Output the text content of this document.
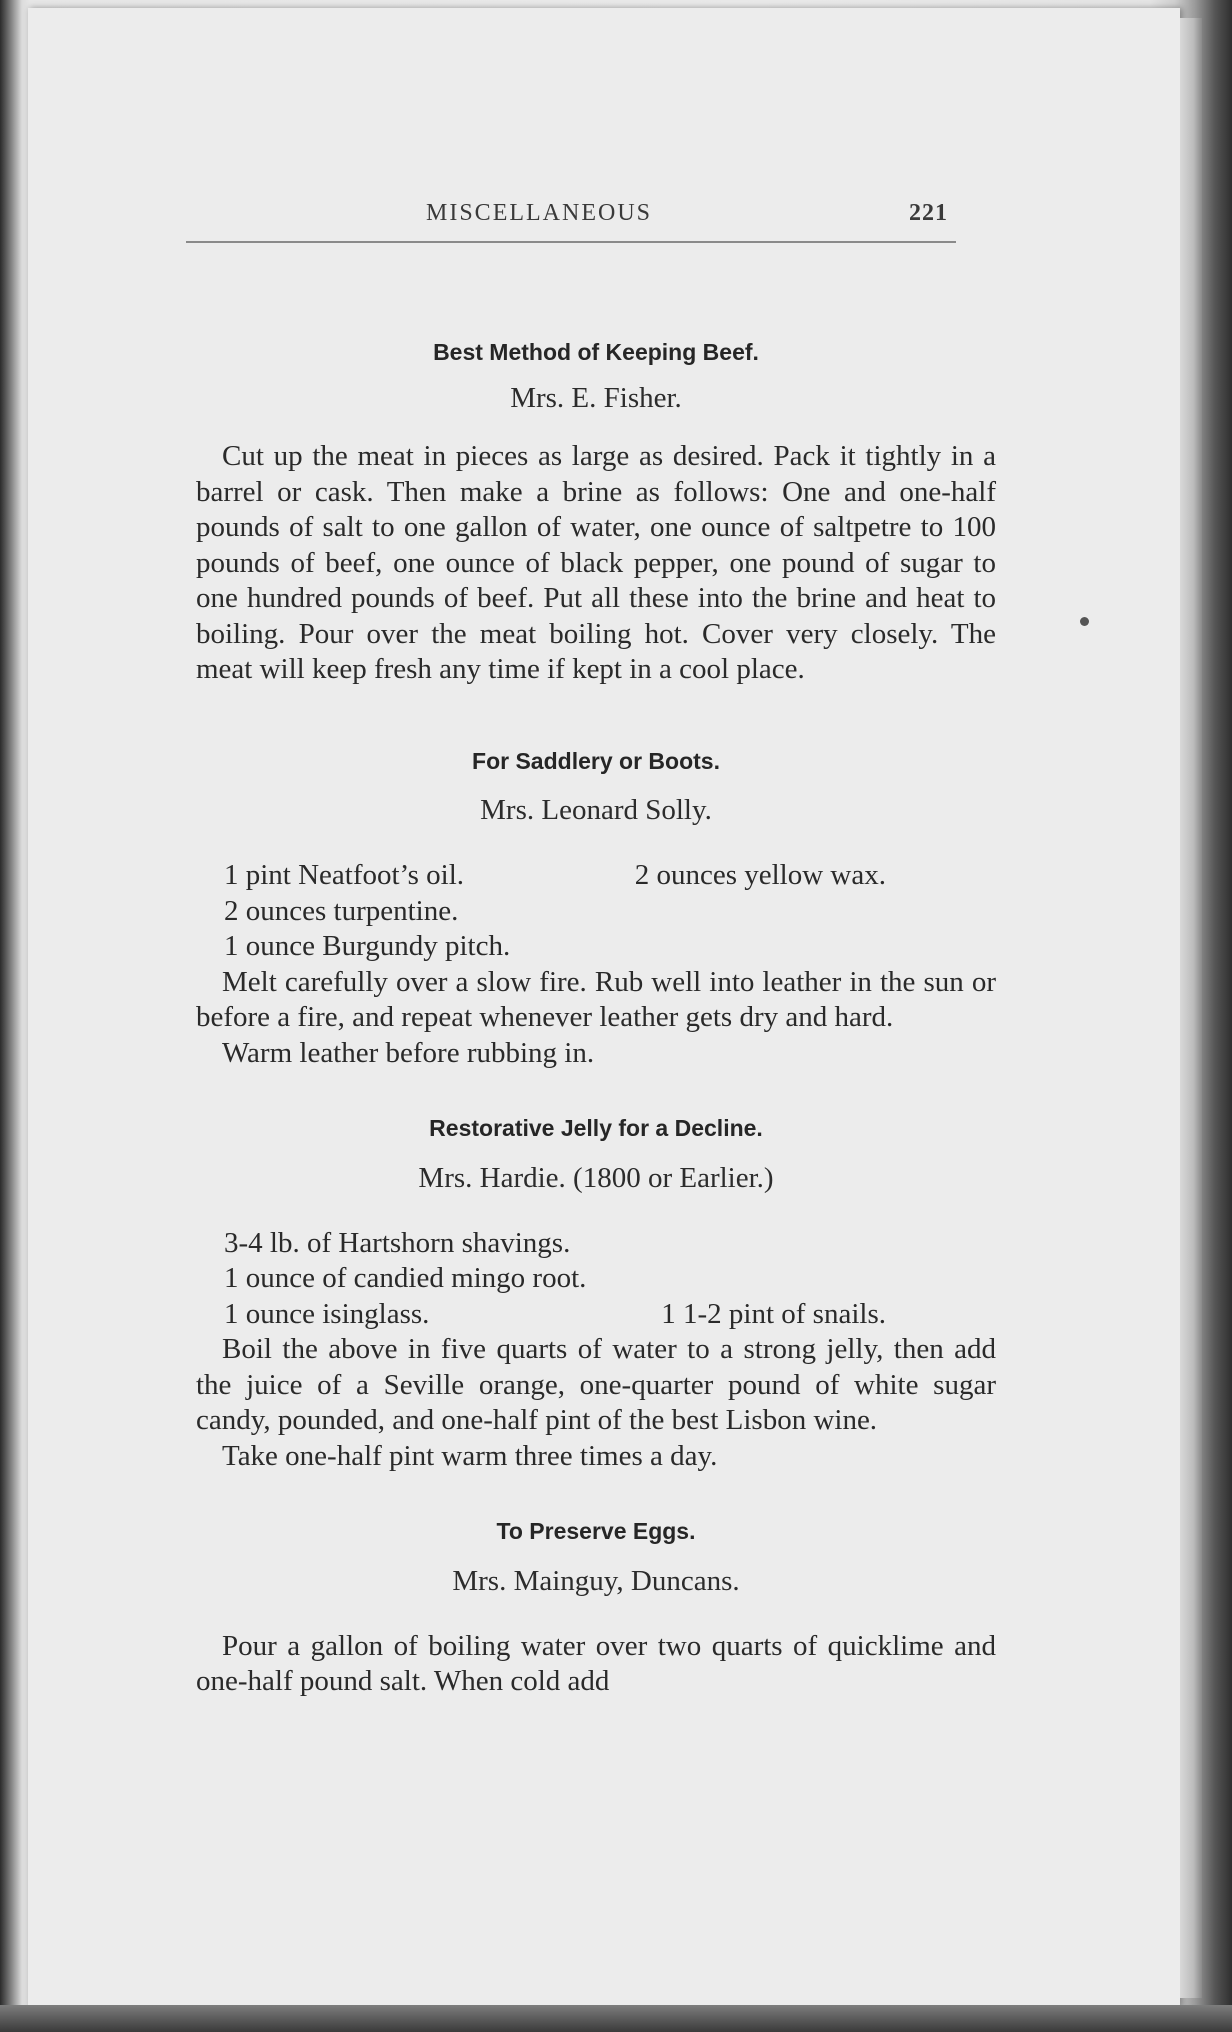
MISCELLANEOUS	221

Best Method of Keeping Beef.

Mrs. E. Fisher.

Cut up the meat in pieces as large as desired. Pack it tightly in a barrel or cask. Then make a brine as follows: One and one-half pounds of salt to one gallon of water, one ounce of saltpetre to 100 pounds of beef, one ounce of black pepper, one pound of sugar to one hundred pounds of beef. Put all these into the brine and heat to boiling. Pour over the meat boiling hot. Cover very closely. The meat will keep fresh any time if kept in a cool place.

For Saddlery or Boots.

Mrs. Leonard Solly.

1 pint Neatfoot’s oil.	2 ounces yellow wax.

2 ounces turpentine.

1 ounce Burgundy pitch.

Melt carefully over a slow fire. Rub well into leather in the sun or before a fire, and repeat whenever leather gets dry and hard.

Warm leather before rubbing in.

Restorative Jelly for a Decline.

Mrs. Hardie. (1800 or Earlier.)

3-4 lb. of Hartshorn shavings.

1 ounce of candied mingo root.

1 ounce isinglass.	1 1-2 pint of snails.

Boil the above in five quarts of water to a strong jelly, then add the juice of a Seville orange, one-quarter pound of white sugar candy, pounded, and one-half pint of the best Lisbon wine.

Take one-half pint warm three times a day.

To Preserve Eggs.

Mrs. Mainguy, Duncans.

Pour a gallon of boiling water over two quarts of quicklime and one-half pound salt. When cold add
